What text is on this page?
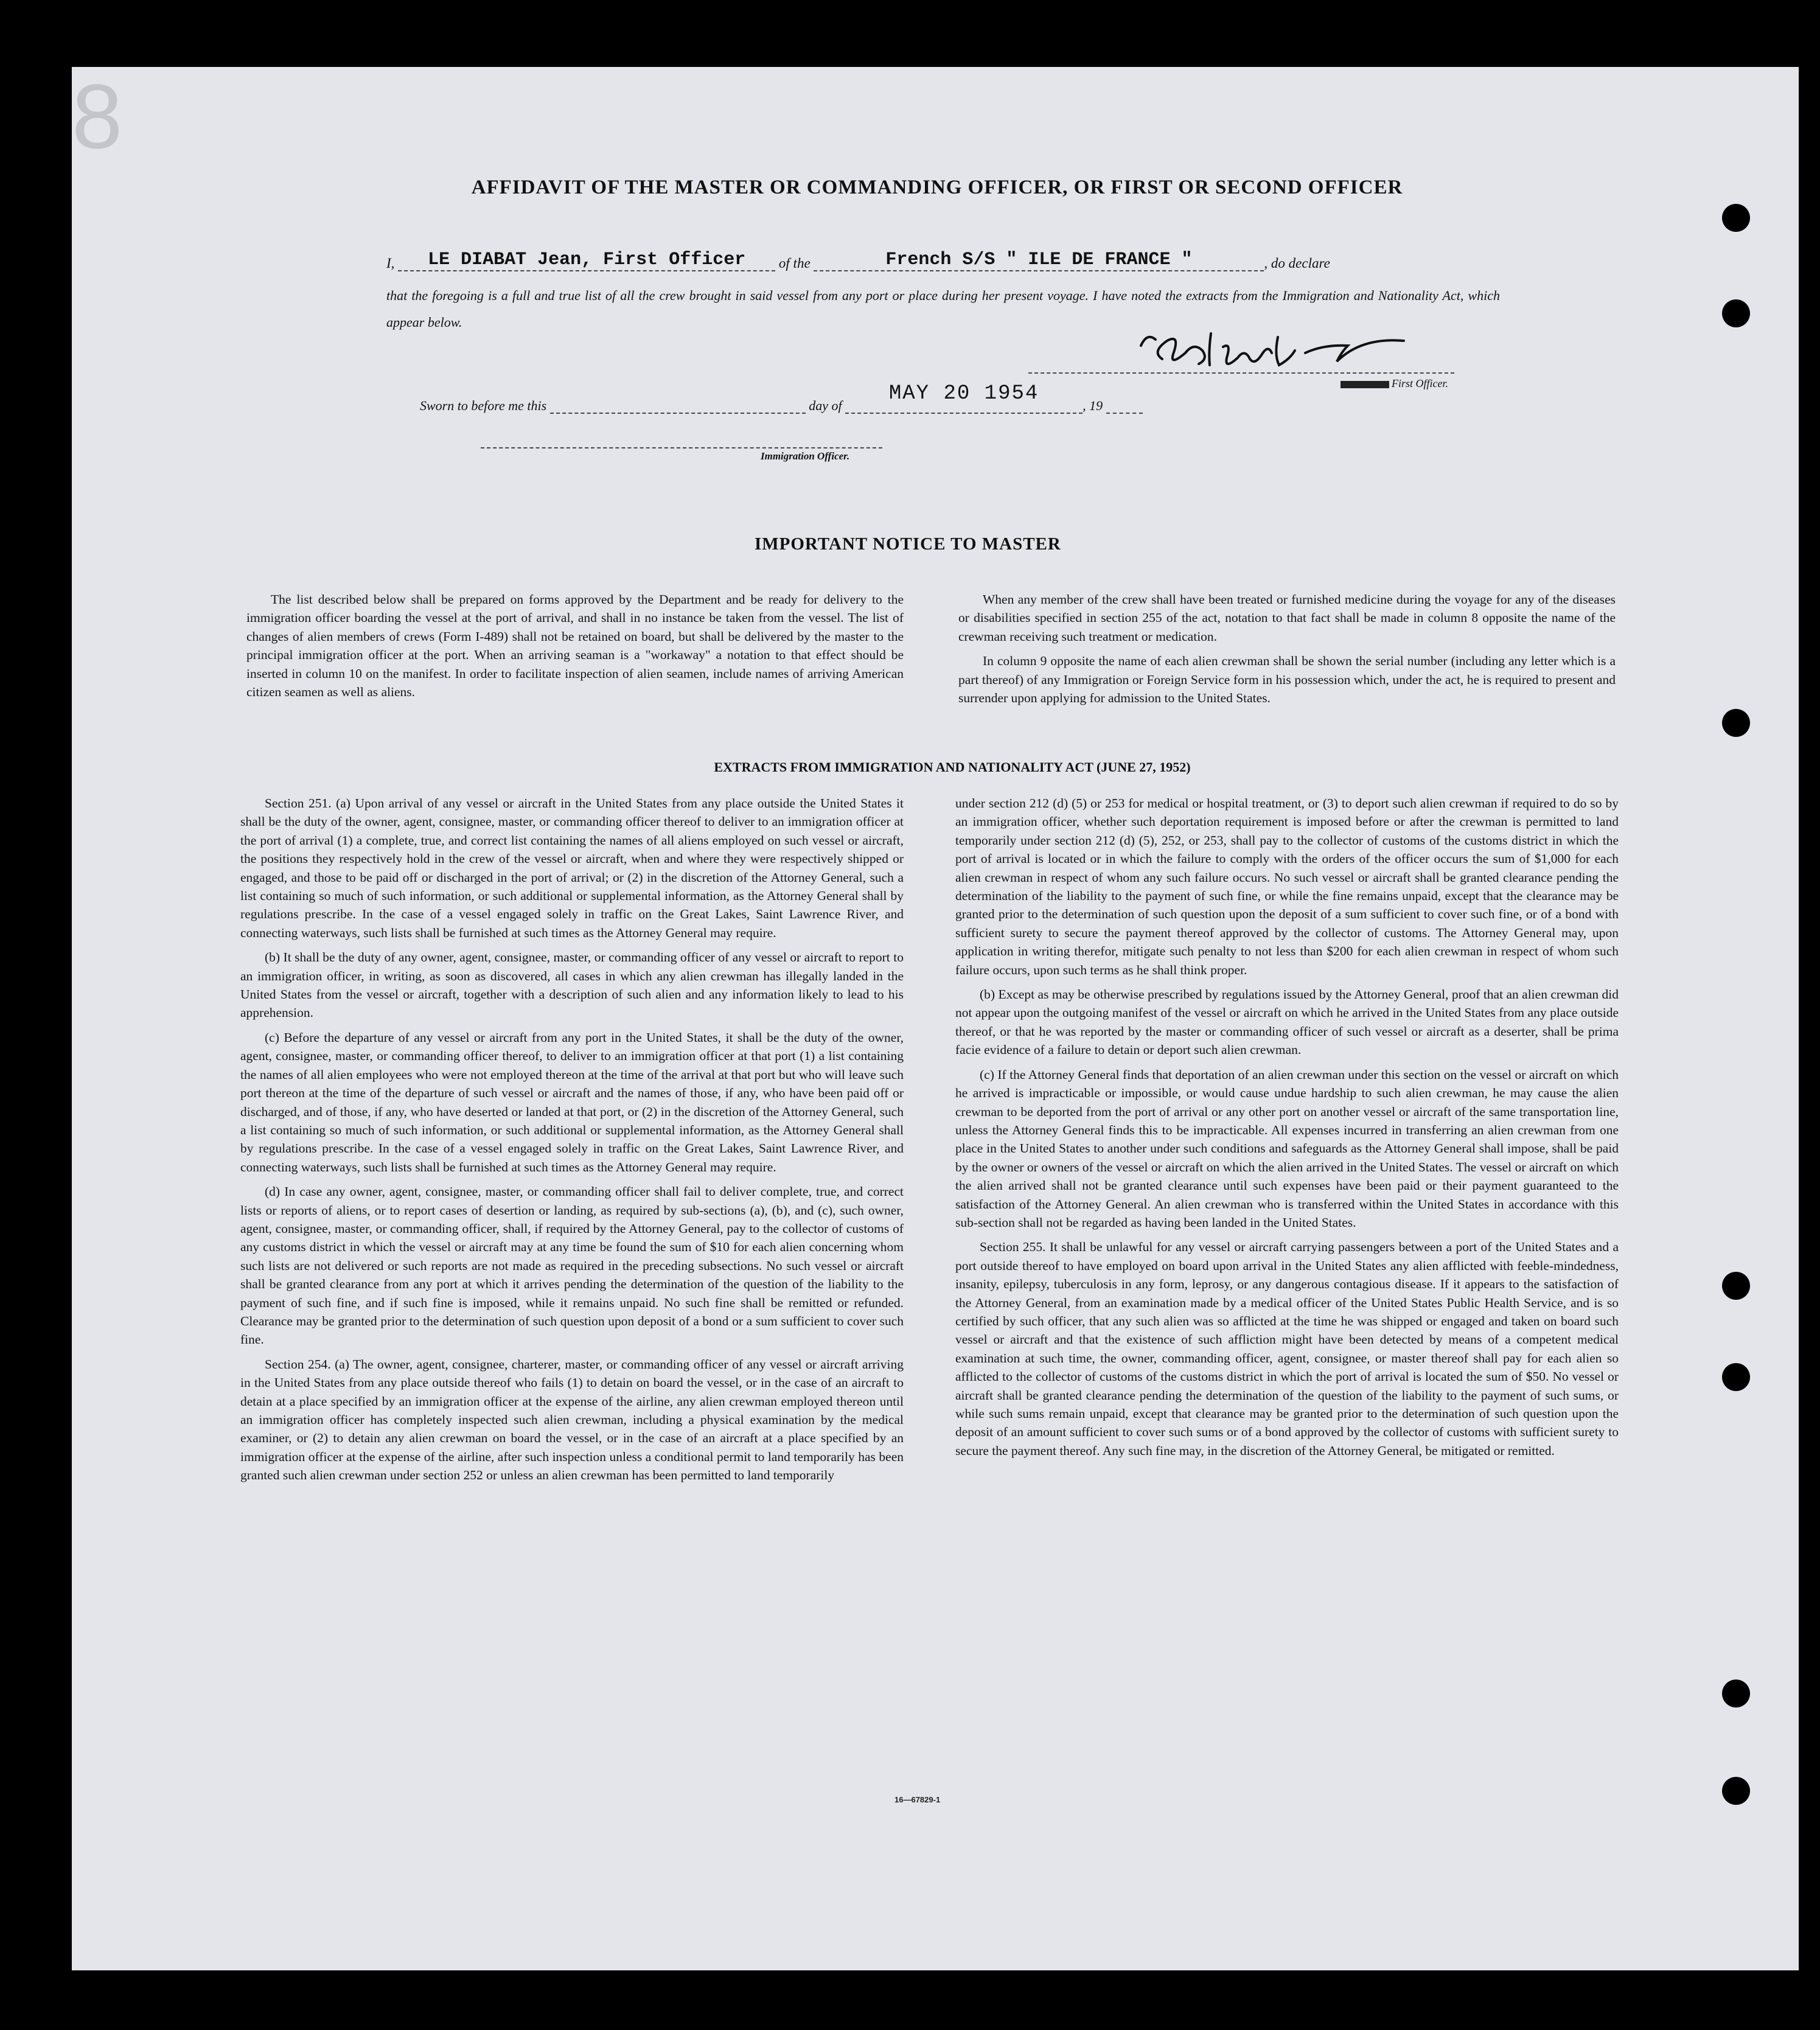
8
AFFIDAVIT OF THE MASTER OR COMMANDING OFFICER, OR FIRST OR SECOND OFFICER
I, LE DIABAT Jean, First Officer of the	French S/S " ILE DE FRANCE "	, do declare
that the foregoing is a full and true list of all the crew brought in said vessel from any port or place during her present voyage. I have noted the extracts from the Immigration and Nationality Act, which appear below.
First Officer.
Sworn to before me this	day of MAY 20 1954, 19
Immigration Officer.
IMPORTANT NOTICE TO MASTER

The list described below shall be prepared on forms approved by the Department and be ready for delivery to the immigration officer boarding the vessel at the port of arrival, and shall in no instance be taken from the vessel. The list of changes of alien members of crews (Form I-489) shall not be retained on board, but shall be delivered by the master to the principal immigration officer at the port. When an arriving seaman is a "workaway" a notation to that effect should be inserted in column 10 on the manifest. In order to facilitate inspection of alien seamen, include names of arriving American citizen seamen as well as aliens.

When any member of the crew shall have been treated or furnished medicine during the voyage for any of the diseases or disabilities specified in section 255 of the act, notation to that fact shall be made in column 8 opposite the name of the crewman receiving such treatment or medication.

In column 9 opposite the name of each alien crewman shall be shown the serial number (including any letter which is a part thereof) of any Immigration or Foreign Service form in his possession which, under the act, he is required to present and surrender upon applying for admission to the United States.

EXTRACTS FROM IMMIGRATION AND NATIONALITY ACT (JUNE 27, 1952)

Section 251. (a) Upon arrival of any vessel or aircraft in the United States from any place outside the United States it shall be the duty of the owner, agent, consignee, master, or commanding officer thereof to deliver to an immigration officer at the port of arrival (1) a complete, true, and correct list containing the names of all aliens employed on such vessel or aircraft, the positions they respectively hold in the crew of the vessel or aircraft, when and where they were respectively shipped or engaged, and those to be paid off or discharged in the port of arrival; or (2) in the discretion of the Attorney General, such a list containing so much of such information, or such additional or supplemental information, as the Attorney General shall by regulations prescribe. In the case of a vessel engaged solely in traffic on the Great Lakes, Saint Lawrence River, and connecting waterways, such lists shall be furnished at such times as the Attorney General may require.

(b) It shall be the duty of any owner, agent, consignee, master, or commanding officer of any vessel or aircraft to report to an immigration officer, in writing, as soon as discovered, all cases in which any alien crewman has illegally landed in the United States from the vessel or aircraft, together with a description of such alien and any information likely to lead to his apprehension.

(c) Before the departure of any vessel or aircraft from any port in the United States, it shall be the duty of the owner, agent, consignee, master, or commanding officer thereof, to deliver to an immigration officer at that port (1) a list containing the names of all alien employees who were not employed thereon at the time of the arrival at that port but who will leave such port thereon at the time of the departure of such vessel or aircraft and the names of those, if any, who have been paid off or discharged, and of those, if any, who have deserted or landed at that port, or (2) in the discretion of the Attorney General, such a list containing so much of such information, or such additional or supplemental information, as the Attorney General shall by regulations prescribe. In the case of a vessel engaged solely in traffic on the Great Lakes, Saint Lawrence River, and connecting waterways, such lists shall be furnished at such times as the Attorney General may require.

(d) In case any owner, agent, consignee, master, or commanding officer shall fail to deliver complete, true, and correct lists or reports of aliens, or to report cases of desertion or landing, as required by sub-sections (a), (b), and (c), such owner, agent, consignee, master, or commanding officer, shall, if required by the Attorney General, pay to the collector of customs of any customs district in which the vessel or aircraft may at any time be found the sum of $10 for each alien concerning whom such lists are not delivered or such reports are not made as required in the preceding subsections. No such vessel or aircraft shall be granted clearance from any port at which it arrives pending the determination of the question of the liability to the payment of such fine, and if such fine is imposed, while it remains unpaid. No such fine shall be remitted or refunded. Clearance may be granted prior to the determination of such question upon deposit of a bond or a sum sufficient to cover such fine.

Section 254. (a) The owner, agent, consignee, charterer, master, or commanding officer of any vessel or aircraft arriving in the United States from any place outside thereof who fails (1) to detain on board the vessel, or in the case of an aircraft to detain at a place specified by an immigration officer at the expense of the airline, any alien crewman employed thereon until an immigration officer has completely inspected such alien crewman, including a physical examination by the medical examiner, or (2) to detain any alien crewman on board the vessel, or in the case of an aircraft at a place specified by an immigration officer at the expense of the airline, after such inspection unless a conditional permit to land temporarily has been granted such alien crewman under section 252 or unless an alien crewman has been permitted to land temporarily

under section 212 (d) (5) or 253 for medical or hospital treatment, or (3) to deport such alien crewman if required to do so by an immigration officer, whether such deportation requirement is imposed before or after the crewman is permitted to land temporarily under section 212 (d) (5), 252, or 253, shall pay to the collector of customs of the customs district in which the port of arrival is located or in which the failure to comply with the orders of the officer occurs the sum of $1,000 for each alien crewman in respect of whom any such failure occurs. No such vessel or aircraft shall be granted clearance pending the determination of the liability to the payment of such fine, or while the fine remains unpaid, except that the clearance may be granted prior to the determination of such question upon the deposit of a sum sufficient to cover such fine, or of a bond with sufficient surety to secure the payment thereof approved by the collector of customs. The Attorney General may, upon application in writing therefor, mitigate such penalty to not less than $200 for each alien crewman in respect of whom such failure occurs, upon such terms as he shall think proper.

(b) Except as may be otherwise prescribed by regulations issued by the Attorney General, proof that an alien crewman did not appear upon the outgoing manifest of the vessel or aircraft on which he arrived in the United States from any place outside thereof, or that he was reported by the master or commanding officer of such vessel or aircraft as a deserter, shall be prima facie evidence of a failure to detain or deport such alien crewman.

(c) If the Attorney General finds that deportation of an alien crewman under this section on the vessel or aircraft on which he arrived is impracticable or impossible, or would cause undue hardship to such alien crewman, he may cause the alien crewman to be deported from the port of arrival or any other port on another vessel or aircraft of the same transportation line, unless the Attorney General finds this to be impracticable. All expenses incurred in transferring an alien crewman from one place in the United States to another under such conditions and safeguards as the Attorney General shall impose, shall be paid by the owner or owners of the vessel or aircraft on which the alien arrived in the United States. The vessel or aircraft on which the alien arrived shall not be granted clearance until such expenses have been paid or their payment guaranteed to the satisfaction of the Attorney General. An alien crewman who is transferred within the United States in accordance with this sub-section shall not be regarded as having been landed in the United States.

Section 255. It shall be unlawful for any vessel or aircraft carrying passengers between a port of the United States and a port outside thereof to have employed on board upon arrival in the United States any alien afflicted with feeble-mindedness, insanity, epilepsy, tuberculosis in any form, leprosy, or any dangerous contagious disease. If it appears to the satisfaction of the Attorney General, from an examination made by a medical officer of the United States Public Health Service, and is so certified by such officer, that any such alien was so afflicted at the time he was shipped or engaged and taken on board such vessel or aircraft and that the existence of such affliction might have been detected by means of a competent medical examination at such time, the owner, commanding officer, agent, consignee, or master thereof shall pay for each alien so afflicted to the collector of customs of the customs district in which the port of arrival is located the sum of $50. No vessel or aircraft shall be granted clearance pending the determination of the question of the liability to the payment of such sums, or while such sums remain unpaid, except that clearance may be granted prior to the determination of such question upon the deposit of an amount sufficient to cover such sums or of a bond approved by the collector of customs with sufficient surety to secure the payment thereof. Any such fine may, in the discretion of the Attorney General, be mitigated or remitted.

16—67829-1
